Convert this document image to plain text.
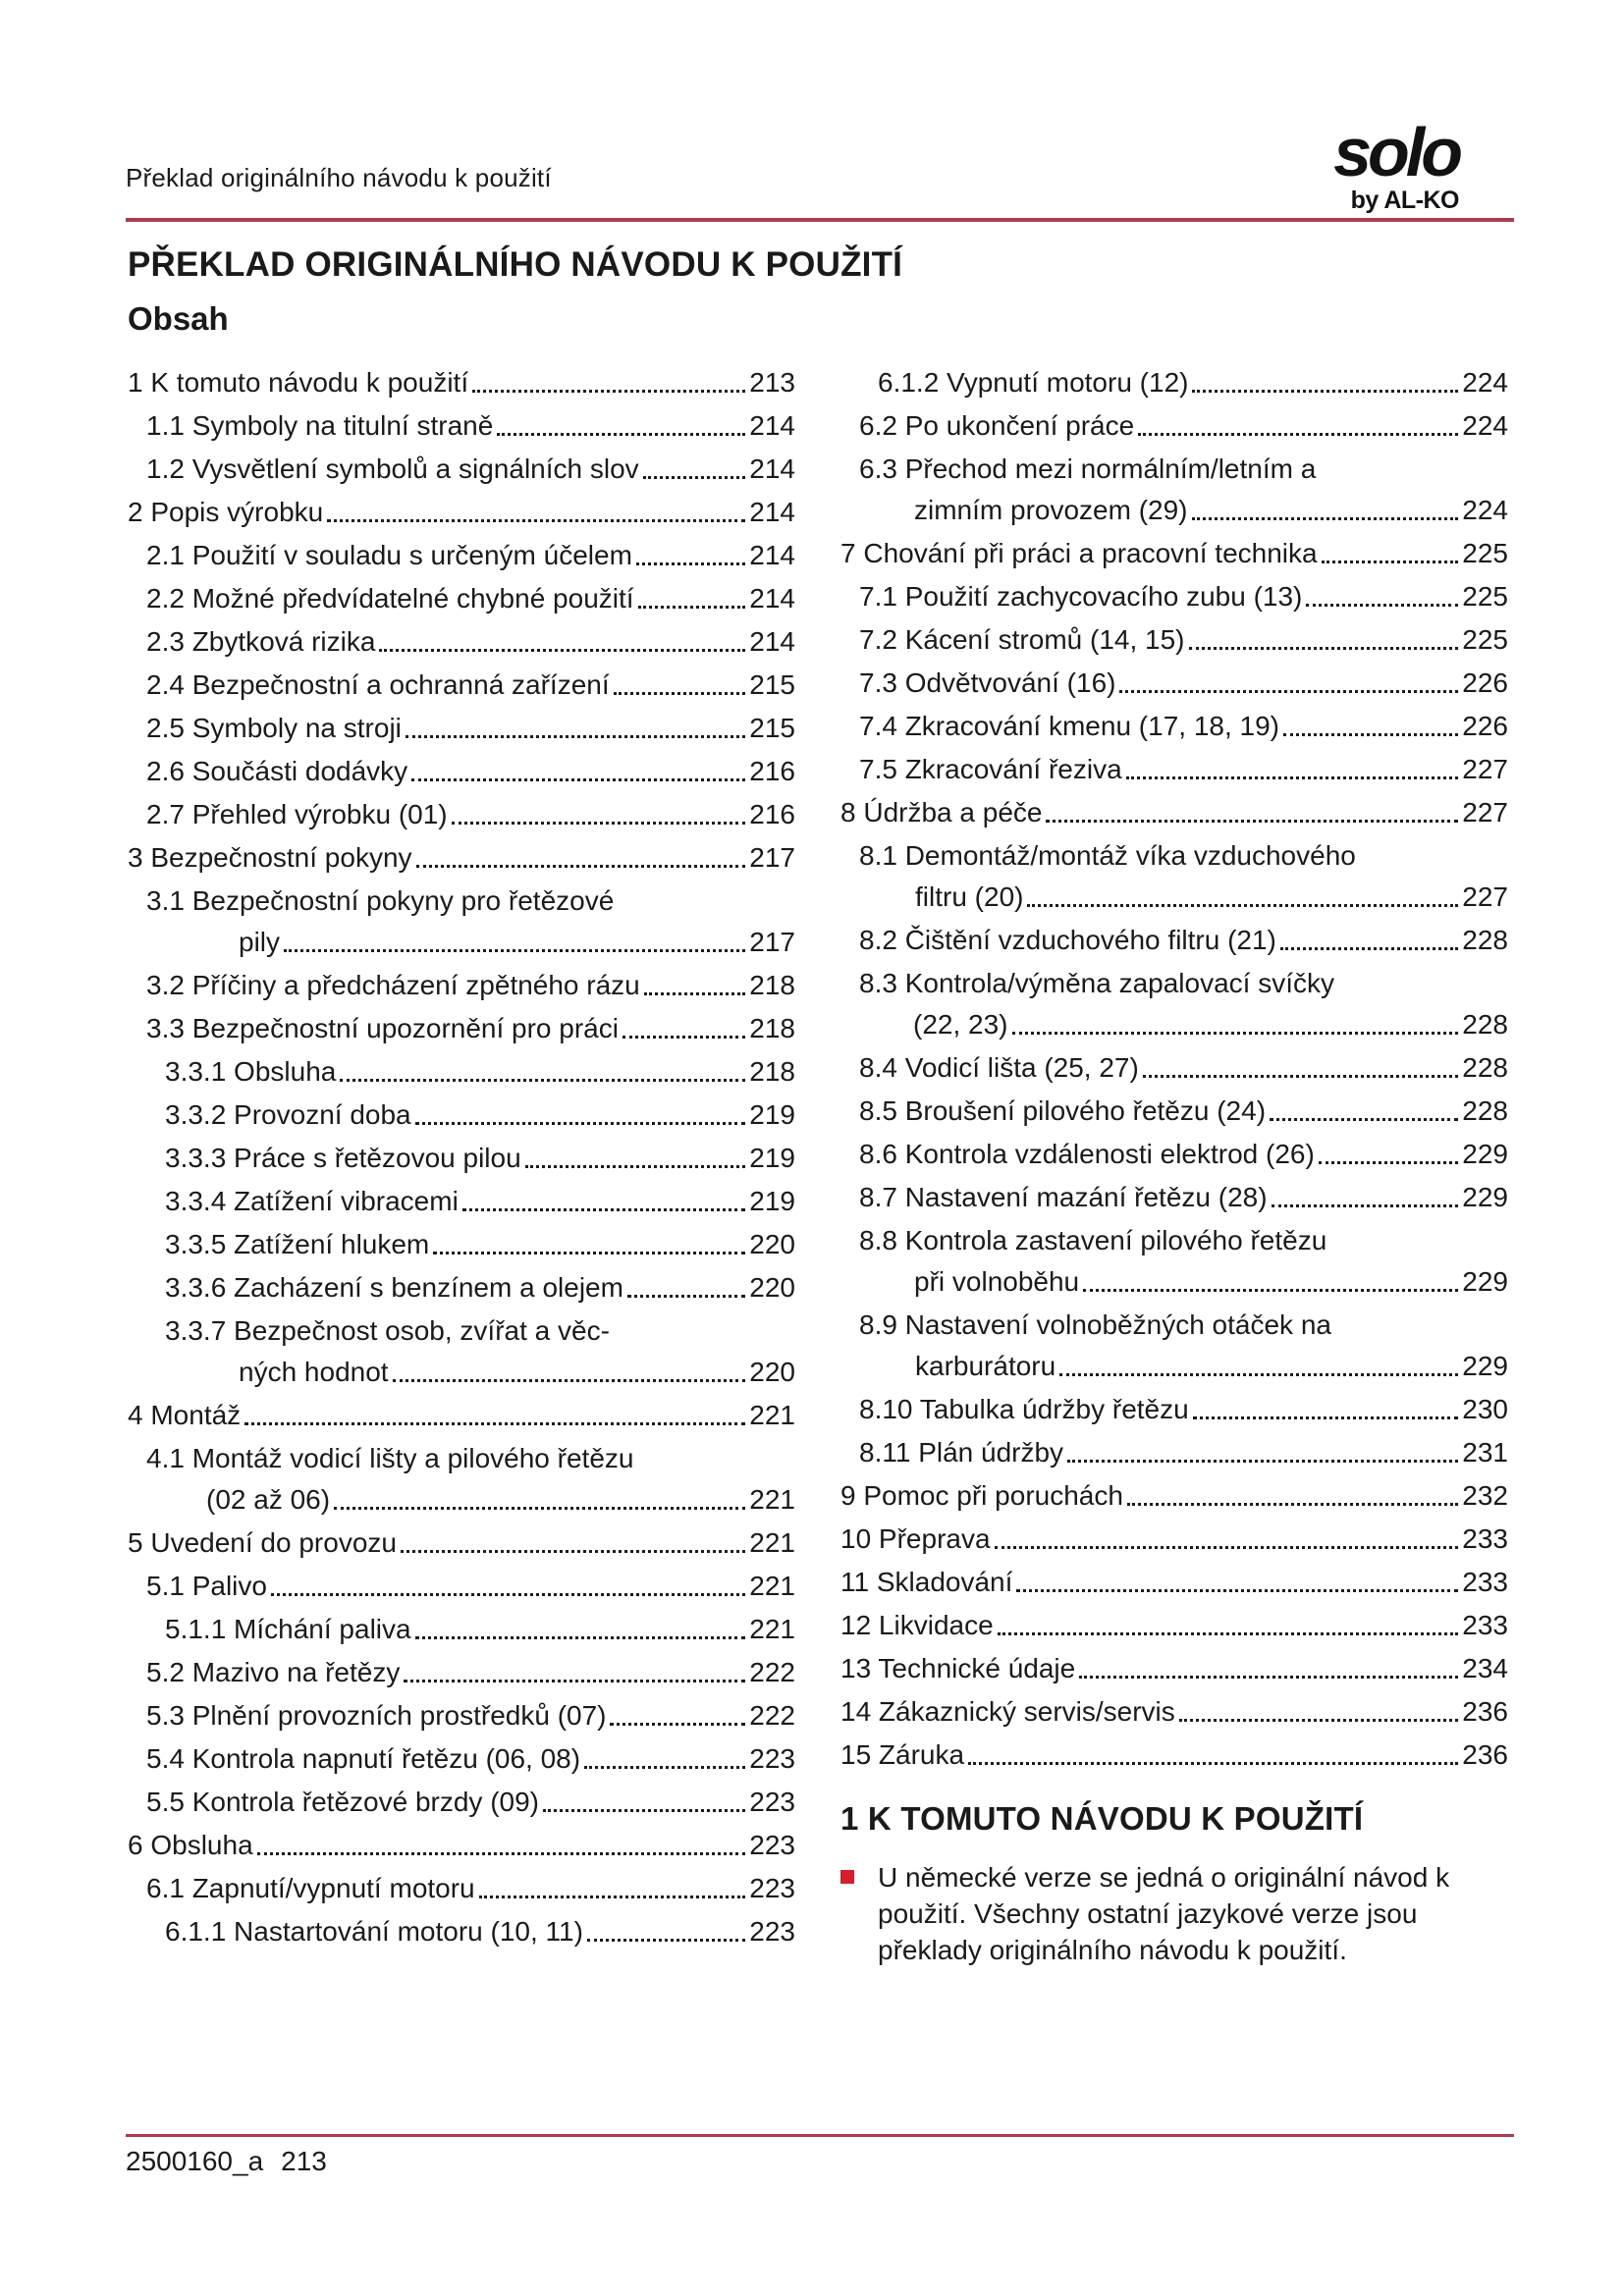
Překlad originálního návodu k použití	solo
by AL-KO
PŘEKLAD ORIGINÁLNÍHO NÁVODU K POUŽITÍ
Obsah
1 K tomuto návodu k použití	213
1.1 Symboly na titulní straně	214
1.2 Vysvětlení symbolů a signálních slov	214
2 Popis výrobku	214
2.1 Použití v souladu s určeným účelem	214
2.2 Možné předvídatelné chybné použití	214
2.3 Zbytková rizika	214
2.4 Bezpečnostní a ochranná zařízení	215
2.5 Symboly na stroji	215
2.6 Součásti dodávky	216
2.7 Přehled výrobku (01)	216
3 Bezpečnostní pokyny	217
3.1 Bezpečnostní pokyny pro řetězové
pily	217
3.2 Příčiny a předcházení zpětného rázu	218
3.3 Bezpečnostní upozornění pro práci	218
3.3.1 Obsluha	218
3.3.2 Provozní doba	219
3.3.3 Práce s řetězovou pilou	219
3.3.4 Zatížení vibracemi	219
3.3.5 Zatížení hlukem	220
3.3.6 Zacházení s benzínem a olejem	220
3.3.7 Bezpečnost osob, zvířat a věc-
ných hodnot	220
4 Montáž	221
4.1 Montáž vodicí lišty a pilového řetězu
(02 až 06)	221
5 Uvedení do provozu	221
5.1 Palivo	221
5.1.1 Míchání paliva	221
5.2 Mazivo na řetězy	222
5.3 Plnění provozních prostředků (07)	222
5.4 Kontrola napnutí řetězu (06, 08)	223
5.5 Kontrola řetězové brzdy (09)	223
6 Obsluha	223
6.1 Zapnutí/vypnutí motoru	223
6.1.1 Nastartování motoru (10, 11)	223
6.1.2 Vypnutí motoru (12)	224
6.2 Po ukončení práce	224
6.3 Přechod mezi normálním/letním a
zimním provozem (29)	224
7 Chování při práci a pracovní technika	225
7.1 Použití zachycovacího zubu (13)	225
7.2 Kácení stromů (14, 15)	225
7.3 Odvětvování (16)	226
7.4 Zkracování kmenu (17, 18, 19)	226
7.5 Zkracování řeziva	227
8 Údržba a péče	227
8.1 Demontáž/montáž víka vzduchového
filtru (20)	227
8.2 Čištění vzduchového filtru (21)	228
8.3 Kontrola/výměna zapalovací svíčky
(22, 23)	228
8.4 Vodicí lišta (25, 27)	228
8.5 Broušení pilového řetězu (24)	228
8.6 Kontrola vzdálenosti elektrod (26)	229
8.7 Nastavení mazání řetězu (28)	229
8.8 Kontrola zastavení pilového řetězu
při volnoběhu	229
8.9 Nastavení volnoběžných otáček na
karburátoru	229
8.10 Tabulka údržby řetězu	230
8.11 Plán údržby	231
9 Pomoc při poruchách	232
10 Přeprava	233
11 Skladování	233
12 Likvidace	233
13 Technické údaje	234
14 Zákaznický servis/servis	236
15 Záruka	236
1 K TOMUTO NÁVODU K POUŽITÍ

U německé verze se jedná o originální návod k použití. Všechny ostatní jazykové verze jsou překlady originálního návodu k použití.

2500160_a 213
